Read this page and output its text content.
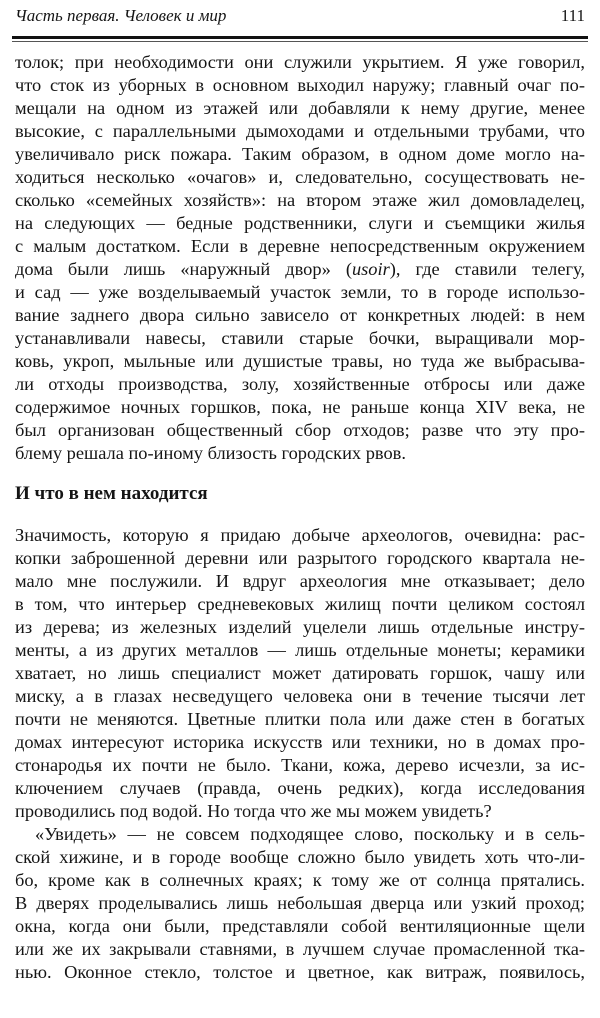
Часть первая. Человек и мир	111
толок; при необходимости они служили укрытием. Я уже говорил,
что сток из уборных в основном выходил наружу; главный очаг по-
мещали на одном из этажей или добавляли к нему другие, менее
высокие, с параллельными дымоходами и отдельными трубами, что
увеличивало риск пожара. Таким образом, в одном доме могло на-
ходиться несколько «очагов» и, следовательно, сосуществовать не-
сколько «семейных хозяйств»: на втором этаже жил домовладелец,
на следующих — бедные родственники, слуги и съемщики жилья
с малым достатком. Если в деревне непосредственным окружением
дома были лишь «наружный двор» (usoir), где ставили телегу,
и сад — уже возделываемый участок земли, то в городе использо-
вание заднего двора сильно зависело от конкретных людей: в нем
устанавливали навесы, ставили старые бочки, выращивали мор-
ковь, укроп, мыльные или душистые травы, но туда же выбрасыва-
ли отходы производства, золу, хозяйственные отбросы или даже
содержимое ночных горшков, пока, не раньше конца XIV века, не
был организован общественный сбор отходов; разве что эту про-
блему решала по-иному близость городских рвов.
И что в нем находится
Значимость, которую я придаю добыче археологов, очевидна: рас-
копки заброшенной деревни или разрытого городского квартала не-
мало мне послужили. И вдруг археология мне отказывает; дело
в том, что интерьер средневековых жилищ почти целиком состоял
из дерева; из железных изделий уцелели лишь отдельные инстру-
менты, а из других металлов — лишь отдельные монеты; керамики
хватает, но лишь специалист может датировать горшок, чашу или
миску, а в глазах несведущего человека они в течение тысячи лет
почти не меняются. Цветные плитки пола или даже стен в богатых
домах интересуют историка искусств или техники, но в домах про-
стонародья их почти не было. Ткани, кожа, дерево исчезли, за ис-
ключением случаев (правда, очень редких), когда исследования
проводились под водой. Но тогда что же мы можем увидеть?
«Увидеть» — не совсем подходящее слово, поскольку и в сель-
ской хижине, и в городе вообще сложно было увидеть хоть что-ли-
бо, кроме как в солнечных краях; к тому же от солнца прятались.
В дверях проделывались лишь небольшая дверца или узкий проход;
окна, когда они были, представляли собой вентиляционные щели
или же их закрывали ставнями, в лучшем случае промасленной тка-
нью. Оконное стекло, толстое и цветное, как витраж, появилось,
